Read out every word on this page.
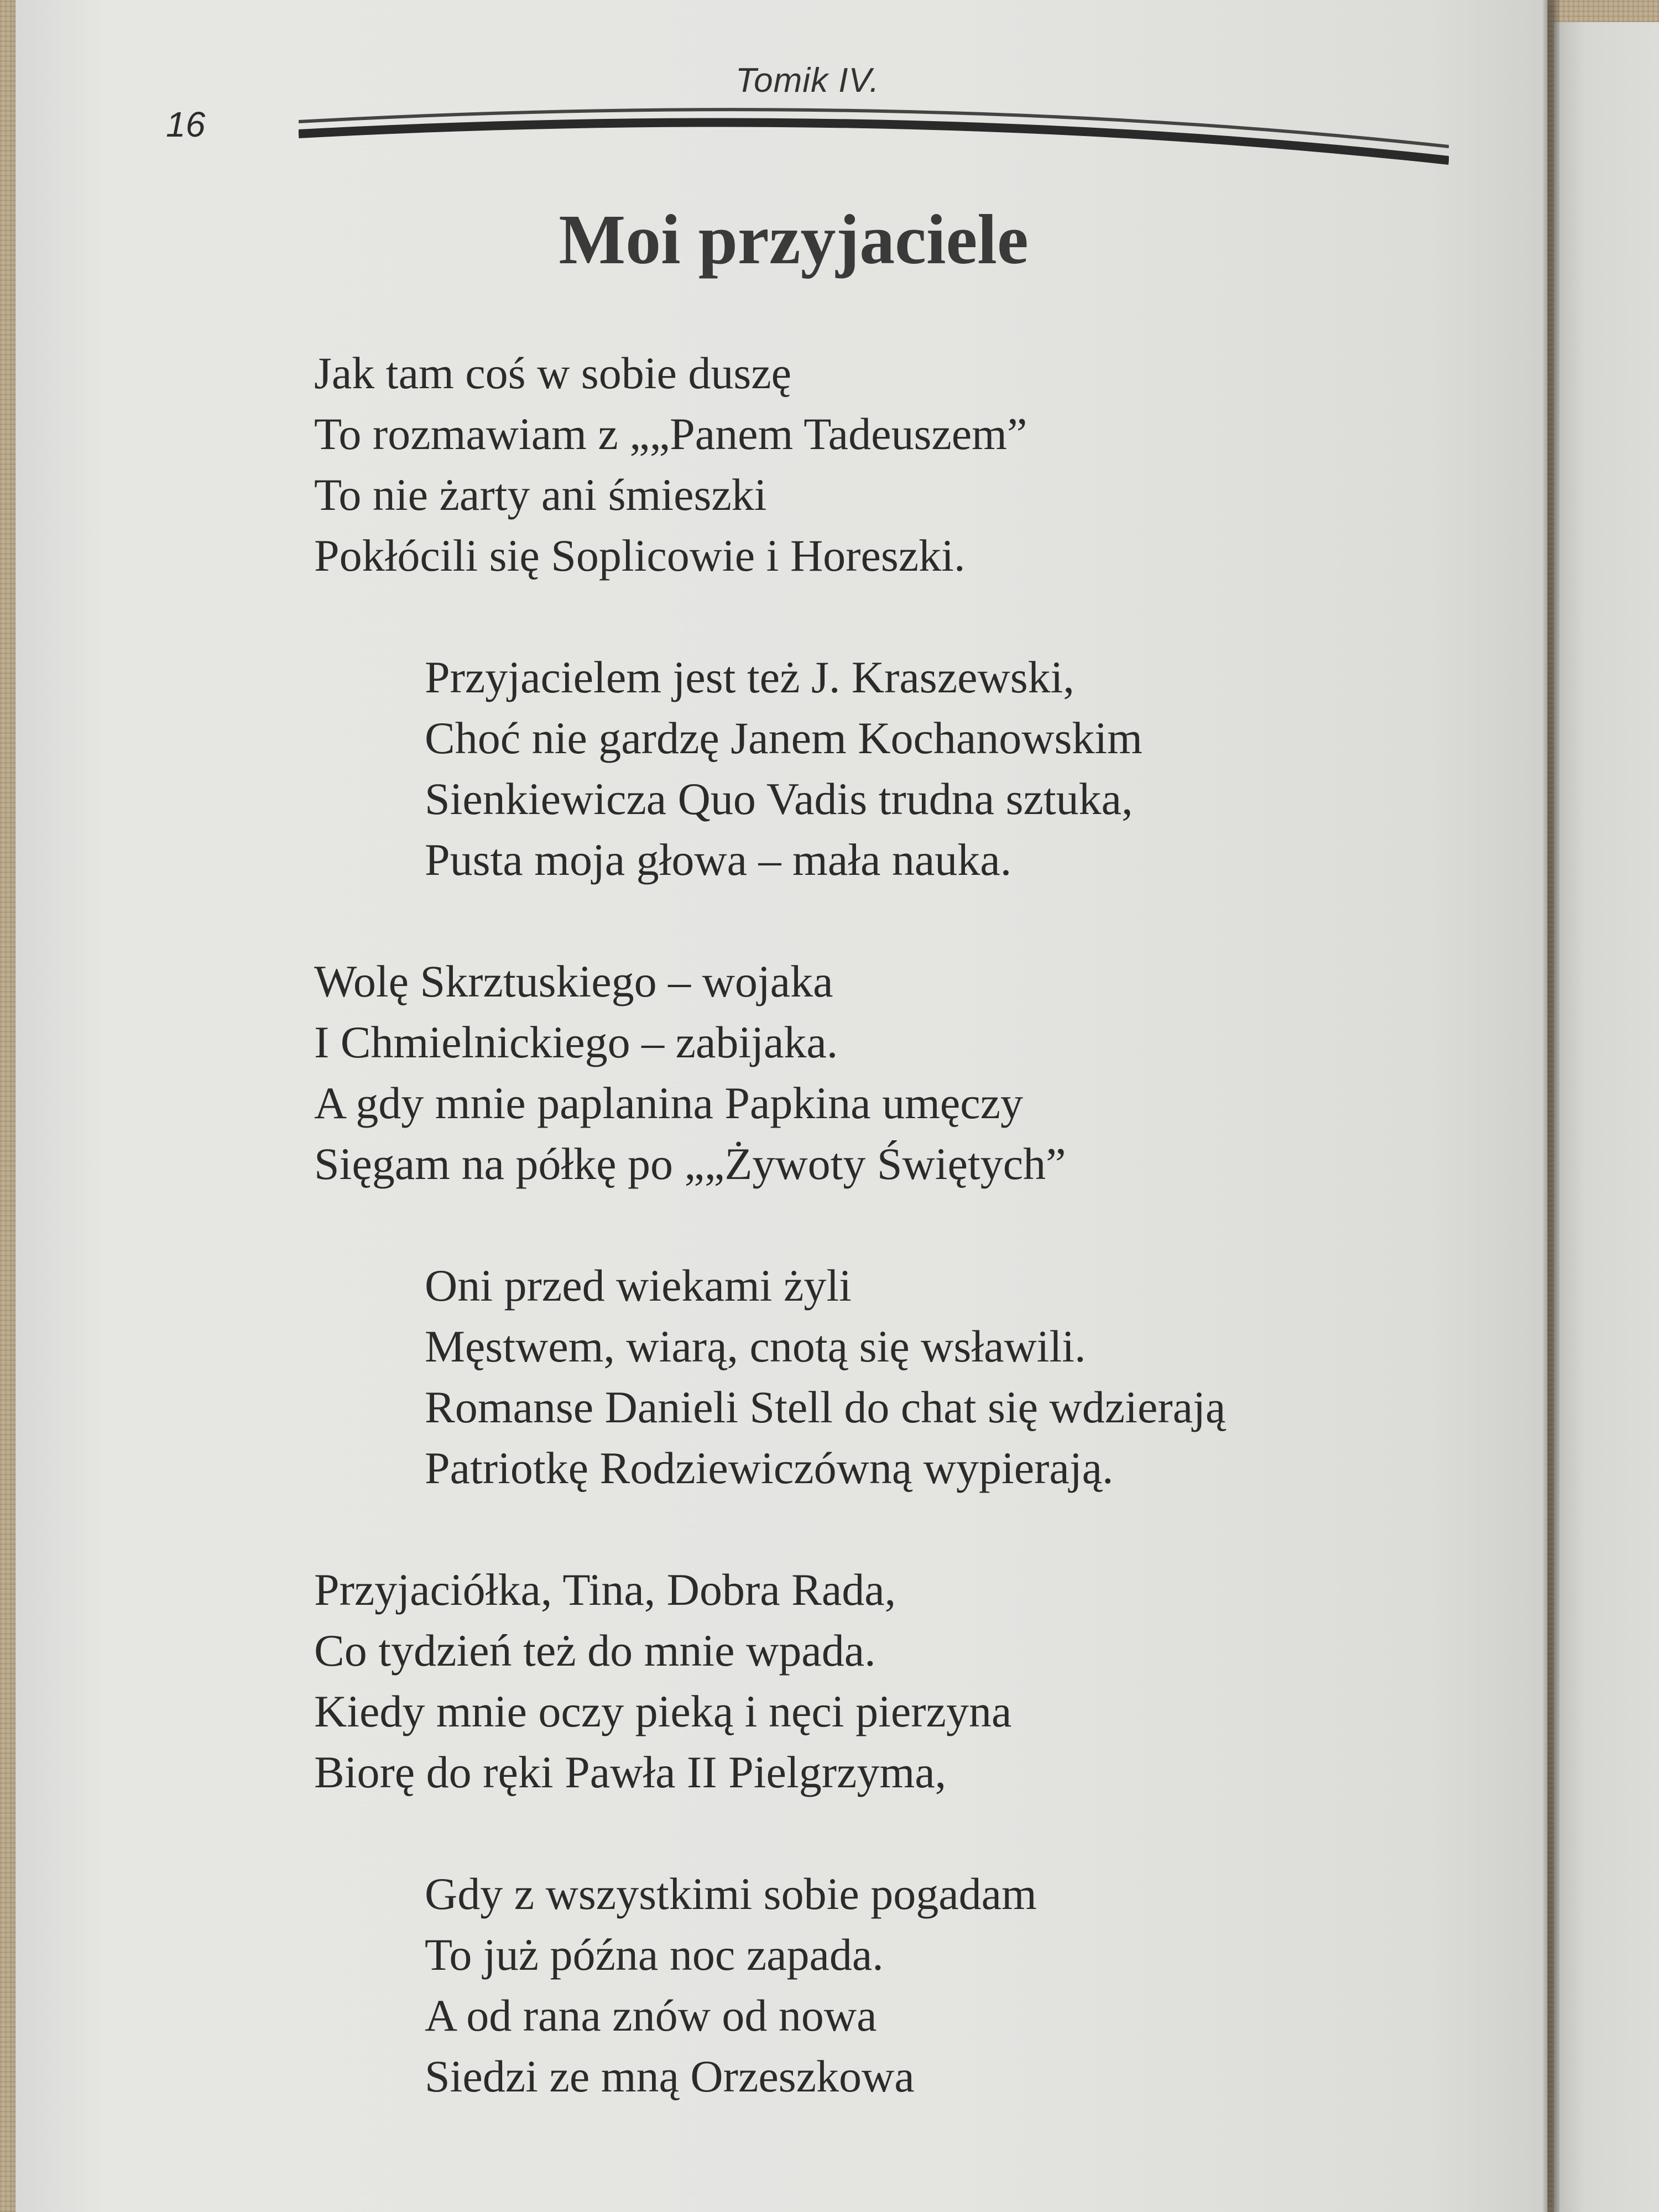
16
Tomik IV.
Moi przyjaciele
Jak tam coś w sobie duszę
To rozmawiam z „„Panem Tadeuszem”
To nie żarty ani śmieszki
Pokłócili się Soplicowie i Horeszki.
Przyjacielem jest też J. Kraszewski,
Choć nie gardzę Janem Kochanowskim
Sienkiewicza Quo Vadis trudna sztuka,
Pusta moja głowa – mała nauka.
Wolę Skrztuskiego – wojaka
I Chmielnickiego – zabijaka.
A gdy mnie paplanina Papkina umęczy
Sięgam na półkę po „„Żywoty Świętych”
Oni przed wiekami żyli
Męstwem, wiarą, cnotą się wsławili.
Romanse Danieli Stell do chat się wdzierają
Patriotkę Rodziewiczówną wypierają.
Przyjaciółka, Tina, Dobra Rada,
Co tydzień też do mnie wpada.
Kiedy mnie oczy pieką i nęci pierzyna
Biorę do ręki Pawła II Pielgrzyma,
Gdy z wszystkimi sobie pogadam
To już późna noc zapada.
A od rana znów od nowa
Siedzi ze mną Orzeszkowa
